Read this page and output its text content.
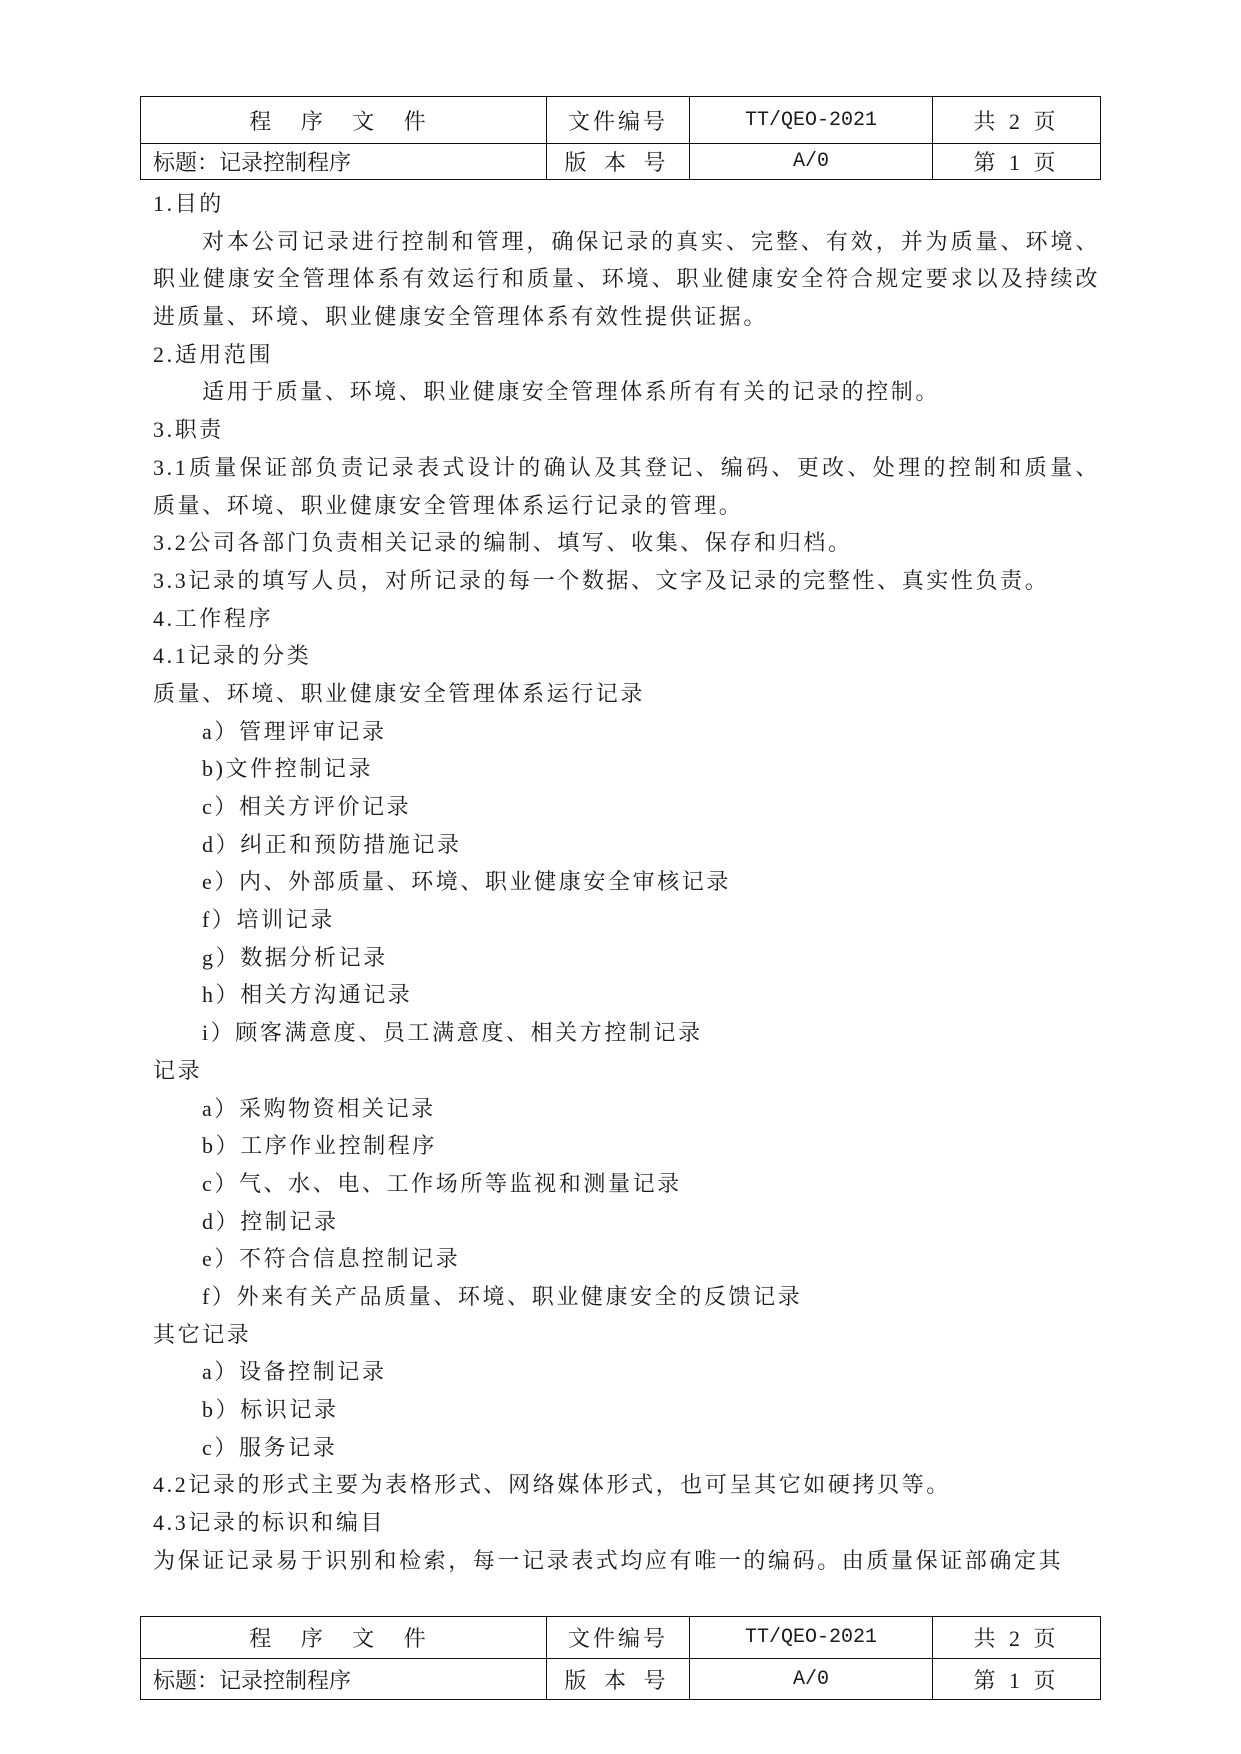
程 序 文 件	文件编号	TT/QEO-2021	共 2 页
标题：记录控制程序	版 本 号	A/0	第 1 页
1.目的
对本公司记录进行控制和管理，确保记录的真实、完整、有效，并为质量、环境、
职业健康安全管理体系有效运行和质量、环境、职业健康安全符合规定要求以及持续改
进质量、环境、职业健康安全管理体系有效性提供证据。
2.适用范围
适用于质量、环境、职业健康安全管理体系所有有关的记录的控制。
3.职责
3.1质量保证部负责记录表式设计的确认及其登记、编码、更改、处理的控制和质量、
质量、环境、职业健康安全管理体系运行记录的管理。
3.2公司各部门负责相关记录的编制、填写、收集、保存和归档。
3.3记录的填写人员，对所记录的每一个数据、文字及记录的完整性、真实性负责。
4.工作程序
4.1记录的分类
质量、环境、职业健康安全管理体系运行记录
a）管理评审记录
b)文件控制记录
c）相关方评价记录
d）纠正和预防措施记录
e）内、外部质量、环境、职业健康安全审核记录
f）培训记录
g）数据分析记录
h）相关方沟通记录
i）顾客满意度、员工满意度、相关方控制记录
记录
a）采购物资相关记录
b）工序作业控制程序
c）气、水、电、工作场所等监视和测量记录
d）控制记录
e）不符合信息控制记录
f）外来有关产品质量、环境、职业健康安全的反馈记录
其它记录
a）设备控制记录
b）标识记录
c）服务记录
4.2记录的形式主要为表格形式、网络媒体形式，也可呈其它如硬拷贝等。
4.3记录的标识和编目
为保证记录易于识别和检索，每一记录表式均应有唯一的编码。由质量保证部确定其
程 序 文 件	文件编号	TT/QEO-2021	共 2 页
标题：记录控制程序	版 本 号	A/0	第 1 页
